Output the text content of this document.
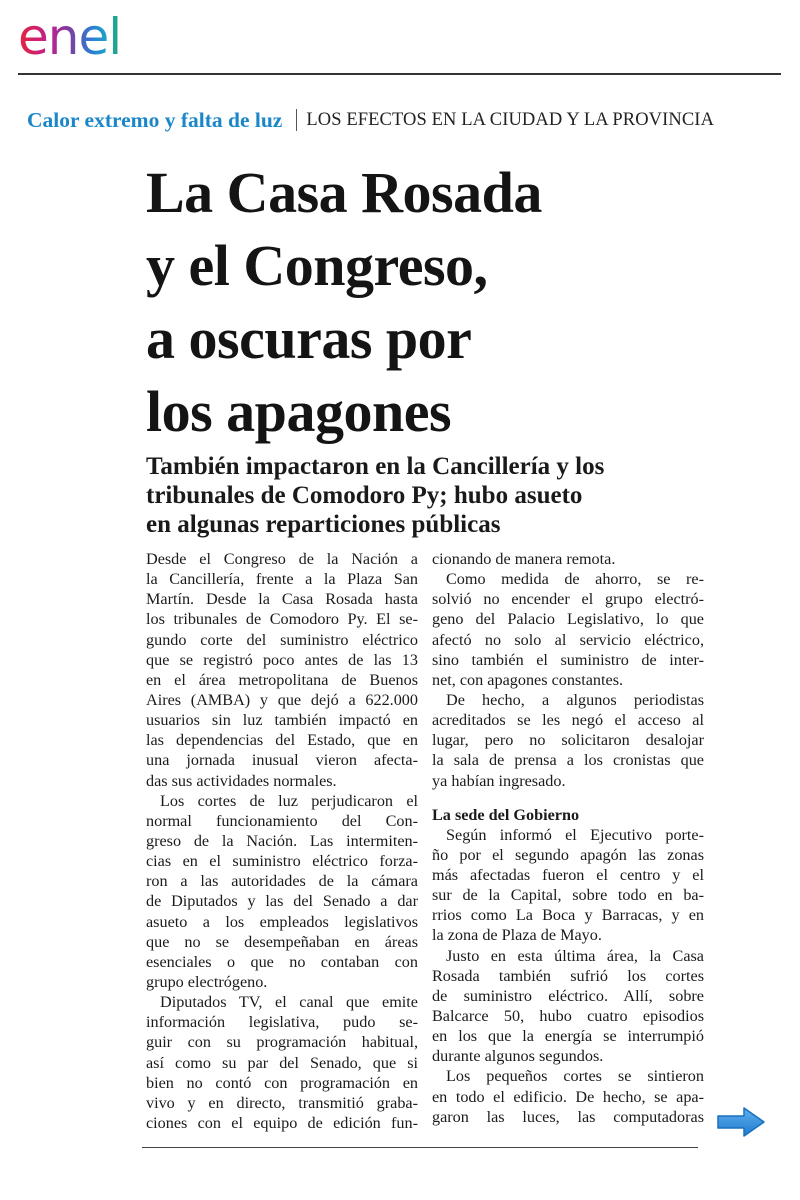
enel
Calor extremo y falta de luz LOS EFECTOS EN LA CIUDAD Y LA PROVINCIA
La Casa Rosada
y el Congreso,
a oscuras por
los apagones
También impactaron en la Cancillería y los
tribunales de Comodoro Py; hubo asueto
en algunas reparticiones públicas
Desde el Congreso de la Nación a
la Cancillería, frente a la Plaza San
Martín. Desde la Casa Rosada hasta
los tribunales de Comodoro Py. El se-
gundo corte del suministro eléctrico
que se registró poco antes de las 13
en el área metropolitana de Buenos
Aires (AMBA) y que dejó a 622.000
usuarios sin luz también impactó en
las dependencias del Estado, que en
una jornada inusual vieron afecta-
das sus actividades normales.
Los cortes de luz perjudicaron el
normal funcionamiento del Con-
greso de la Nación. Las intermiten-
cias en el suministro eléctrico forza-
ron a las autoridades de la cámara
de Diputados y las del Senado a dar
asueto a los empleados legislativos
que no se desempeñaban en áreas
esenciales o que no contaban con
grupo electrógeno.
Diputados TV, el canal que emite
información legislativa, pudo se-
guir con su programación habitual,
así como su par del Senado, que si
bien no contó con programación en
vivo y en directo, transmitió graba-
ciones con el equipo de edición fun-
cionando de manera remota.
Como medida de ahorro, se re-
solvió no encender el grupo electró-
geno del Palacio Legislativo, lo que
afectó no solo al servicio eléctrico,
sino también el suministro de inter-
net, con apagones constantes.
De hecho, a algunos periodistas
acreditados se les negó el acceso al
lugar, pero no solicitaron desalojar
la sala de prensa a los cronistas que
ya habían ingresado.
La sede del Gobierno
Según informó el Ejecutivo porte-
ño por el segundo apagón las zonas
más afectadas fueron el centro y el
sur de la Capital, sobre todo en ba-
rrios como La Boca y Barracas, y en
la zona de Plaza de Mayo.
Justo en esta última área, la Casa
Rosada también sufrió los cortes
de suministro eléctrico. Allí, sobre
Balcarce 50, hubo cuatro episodios
en los que la energía se interrumpió
durante algunos segundos.
Los pequeños cortes se sintieron
en todo el edificio. De hecho, se apa-
garon las luces, las computadoras
